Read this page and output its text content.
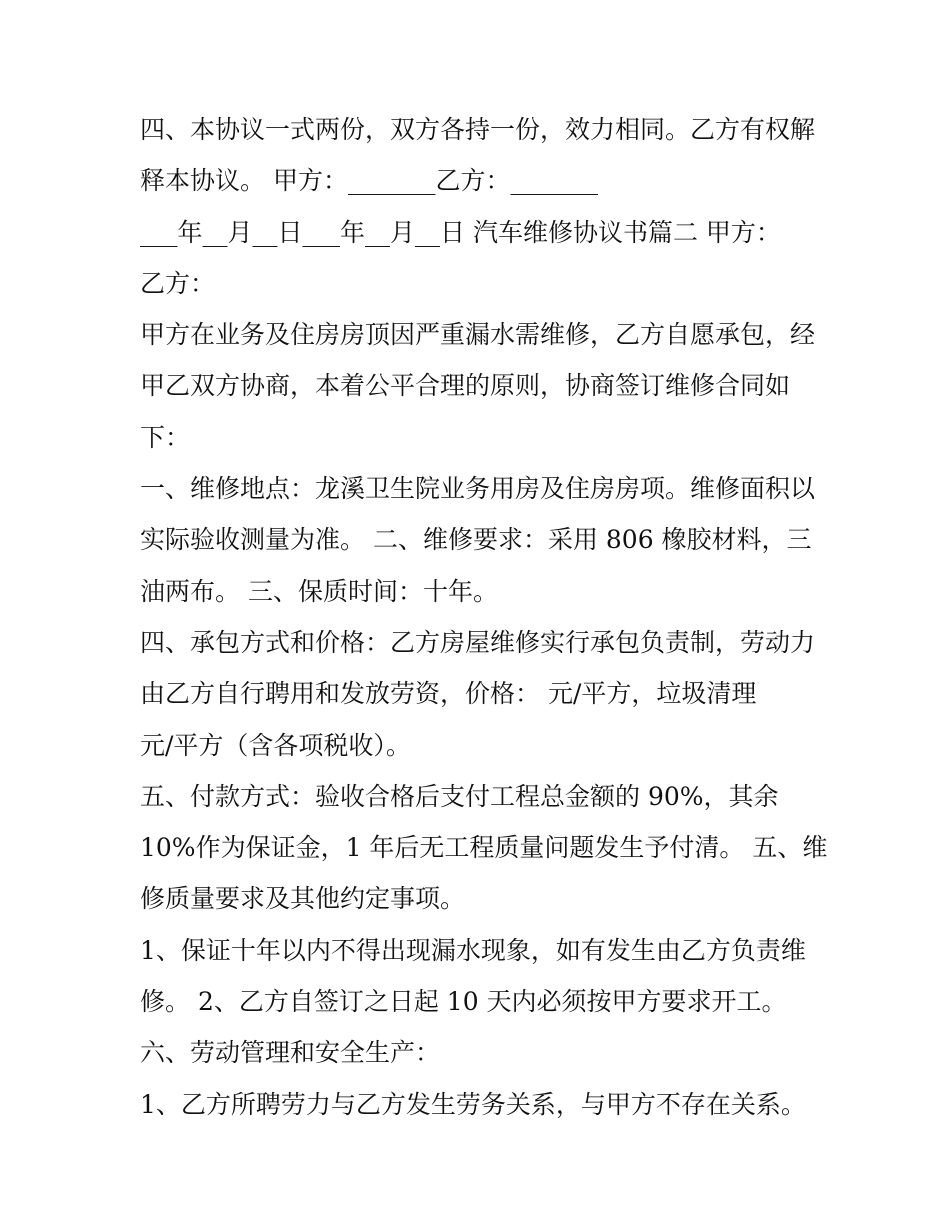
四、本协议一式两份，双方各持一份，效力相同。乙方有权解
释本协议。 甲方：_______乙方：_______
___年__月__日___年__月__日 汽车维修协议书篇二 甲方：
乙方：
甲方在业务及住房房顶因严重漏水需维修，乙方自愿承包，经
甲乙双方协商，本着公平合理的原则，协商签订维修合同如
下：
一、维修地点：龙溪卫生院业务用房及住房房项。维修面积以
实际验收测量为准。 二、维修要求：采用 806 橡胶材料，三
油两布。 三、保质时间：十年。
四、承包方式和价格：乙方房屋维修实行承包负责制，劳动力
由乙方自行聘用和发放劳资，价格： 元/平方，垃圾清理
元/平方（含各项税收）。
五、付款方式：验收合格后支付工程总金额的 90%，其余
10%作为保证金，1 年后无工程质量问题发生予付清。 五、维
修质量要求及其他约定事项。
1、保证十年以内不得出现漏水现象，如有发生由乙方负责维
修。 2、乙方自签订之日起 10 天内必须按甲方要求开工。
六、劳动管理和安全生产：
1、乙方所聘劳力与乙方发生劳务关系，与甲方不存在关系。
